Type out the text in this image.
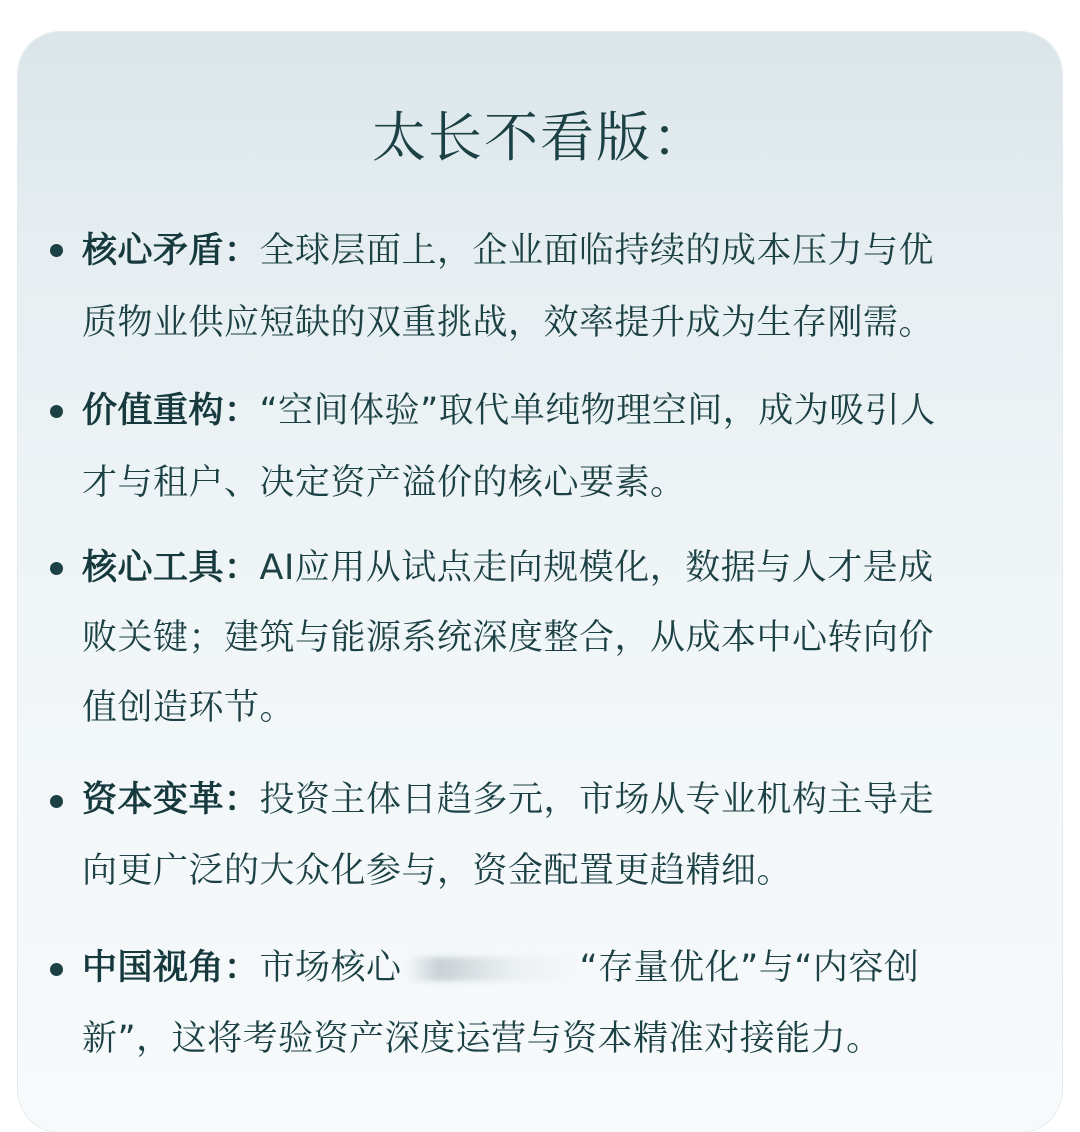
太长不看版：
核心矛盾：全球层面上，企业面临持续的成本压力与优
质物业供应短缺的双重挑战，效率提升成为生存刚需。
价值重构：“空间体验”取代单纯物理空间，成为吸引人
才与租户、决定资产溢价的核心要素。
核心工具：AI应用从试点走向规模化，数据与人才是成
败关键；建筑与能源系统深度整合，从成本中心转向价
值创造环节。
资本变革：投资主体日趋多元，市场从专业机构主导走
向更广泛的大众化参与，资金配置更趋精细。
中国视角：市场核心	“存量优化”与“内容创
新”，这将考验资产深度运营与资本精准对接能力。
